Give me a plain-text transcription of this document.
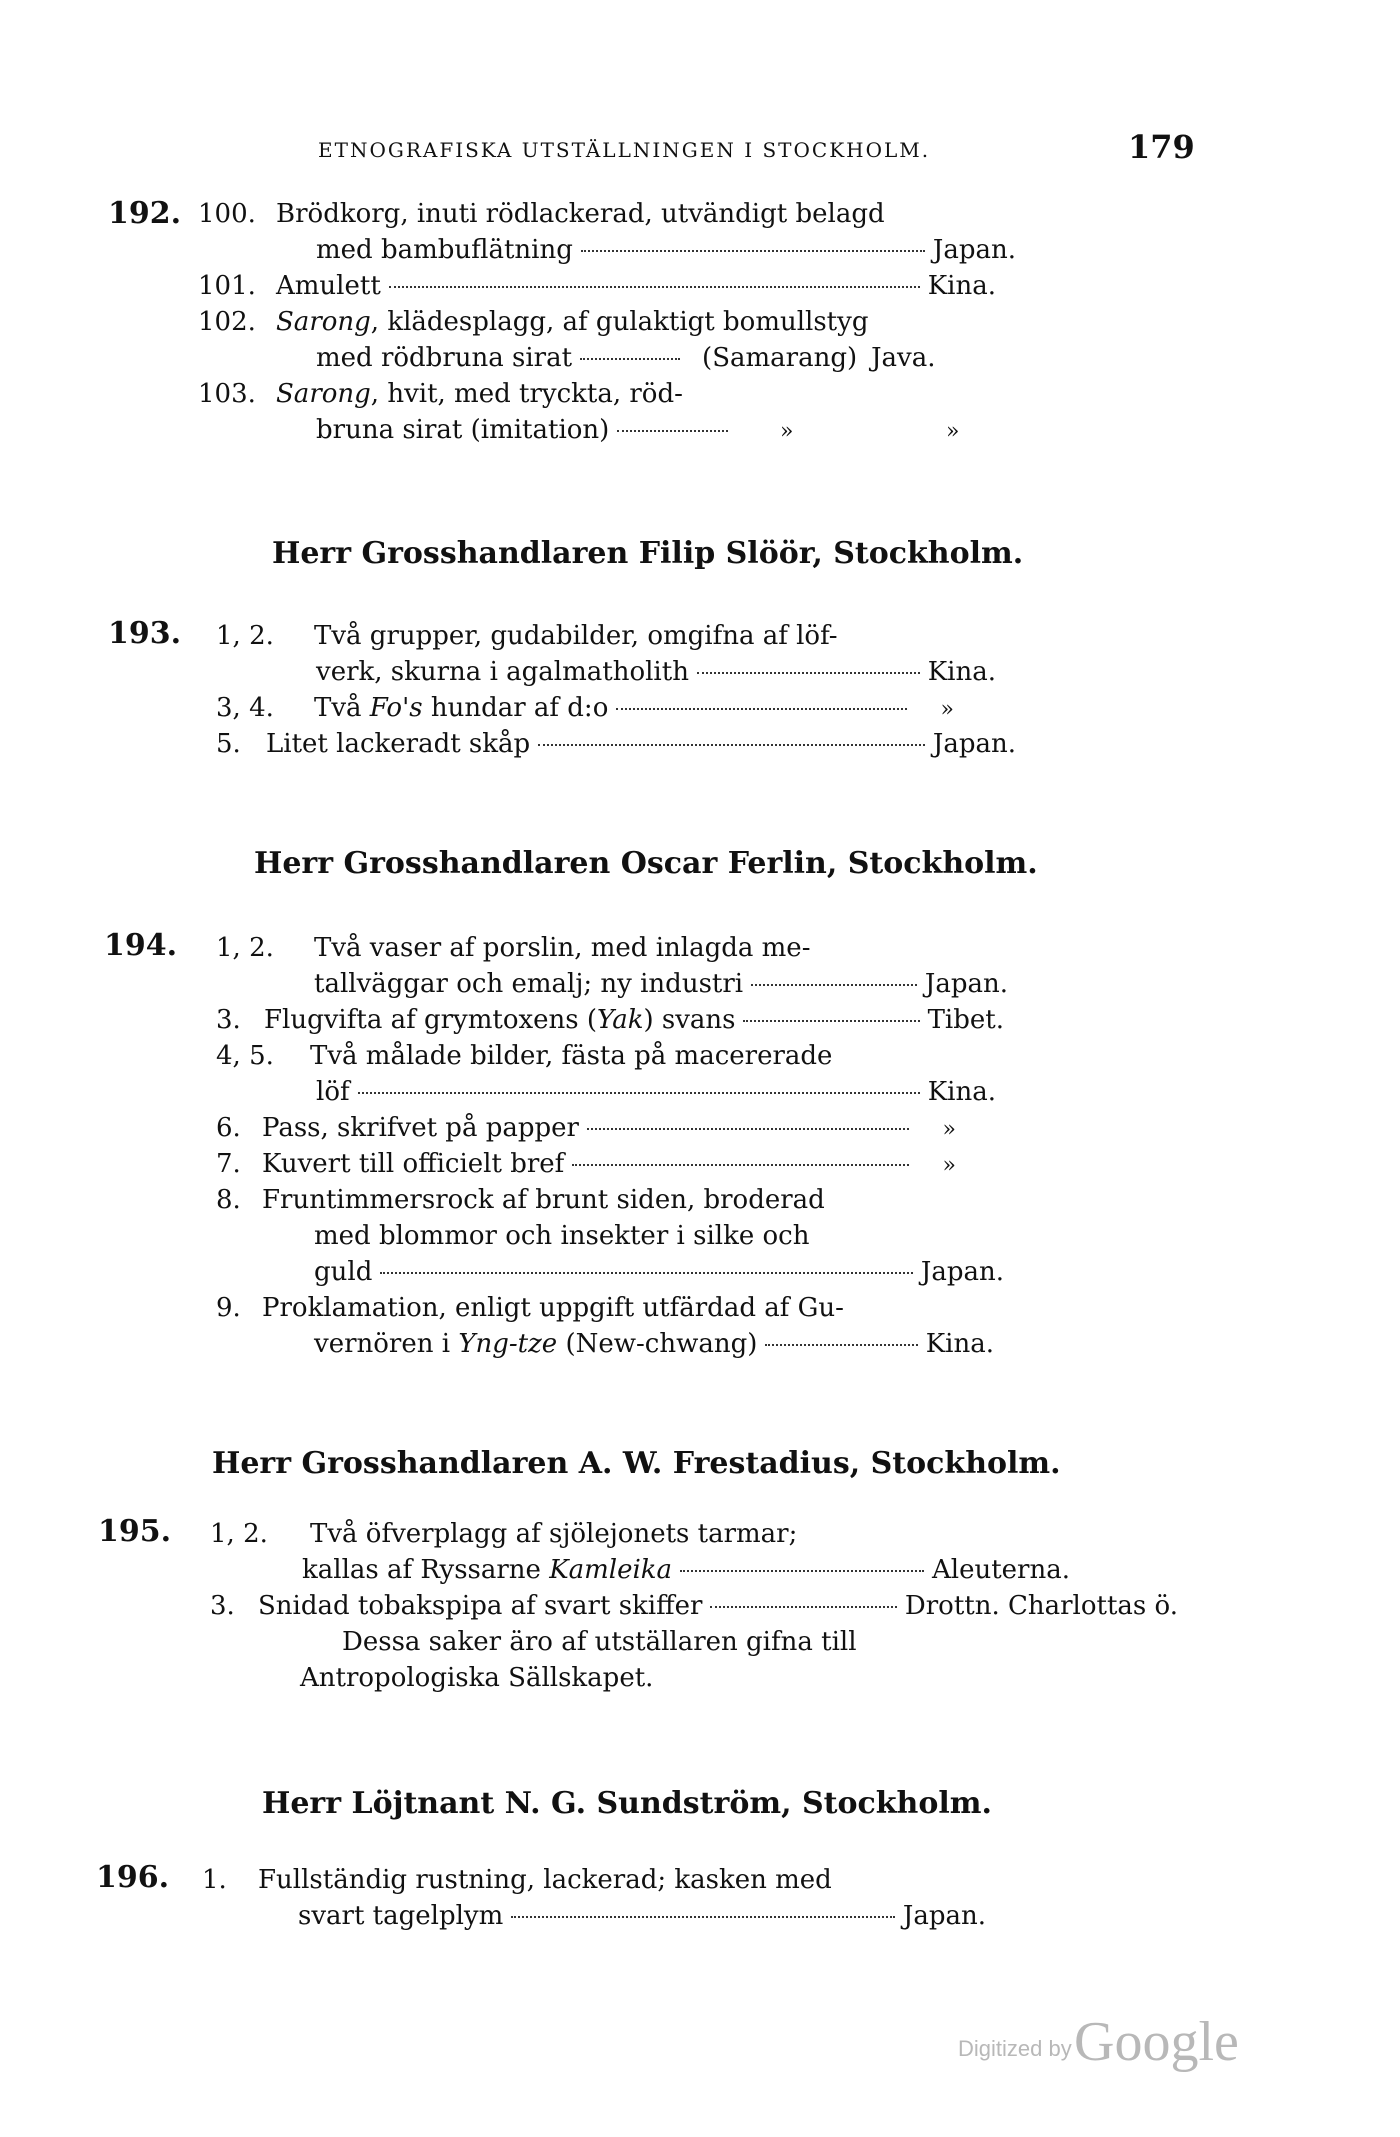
ETNOGRAFISKA UTSTÄLLNINGEN I STOCKHOLM.	179
192. 100. Brödkorg, inuti rödlackerad, utvändigt belagd
med bambuflätning	Japan.
101. Amulett	Kina.
102. Sarong, klädesplagg, af gulaktigt bomullstyg
med rödbruna sirat	(Samarang) Java.
103. Sarong, hvit, med tryckta, röd-
bruna sirat (imitation)	»	»
Herr Grosshandlaren Filip Slöör, Stockholm.
193. 1, 2. Två grupper, gudabilder, omgifna af löf-
verk, skurna i agalmatholith	Kina.
3, 4. Två Fo's hundar af d:o	»
5. Litet lackeradt skåp	Japan.
Herr Grosshandlaren Oscar Ferlin, Stockholm.
194. 1, 2. Två vaser af porslin, med inlagda me-
tallväggar och emalj; ny industri	Japan.
3. Flugvifta af grymtoxens (Yak) svans	Tibet.
4, 5. Två målade bilder, fästa på macererade
löf	Kina.
6. Pass, skrifvet på papper	»
7. Kuvert till officielt bref	»
8. Fruntimmersrock af brunt siden, broderad
med blommor och insekter i silke och
guld	Japan.
9. Proklamation, enligt uppgift utfärdad af Gu-
vernören i Yng-tze (New-chwang)	Kina.
Herr Grosshandlaren A. W. Frestadius, Stockholm.
195. 1, 2. Två öfverplagg af sjölejonets tarmar;
kallas af Ryssarne Kamleika	Aleuterna.
3. Snidad tobakspipa af svart skiffer	Drottn. Charlottas ö.
Dessa saker äro af utställaren gifna till
Antropologiska Sällskapet.
Herr Löjtnant N. G. Sundström, Stockholm.
196. 1. Fullständig rustning, lackerad; kasken med
svart tagelplym	Japan.
Digitized by Google
